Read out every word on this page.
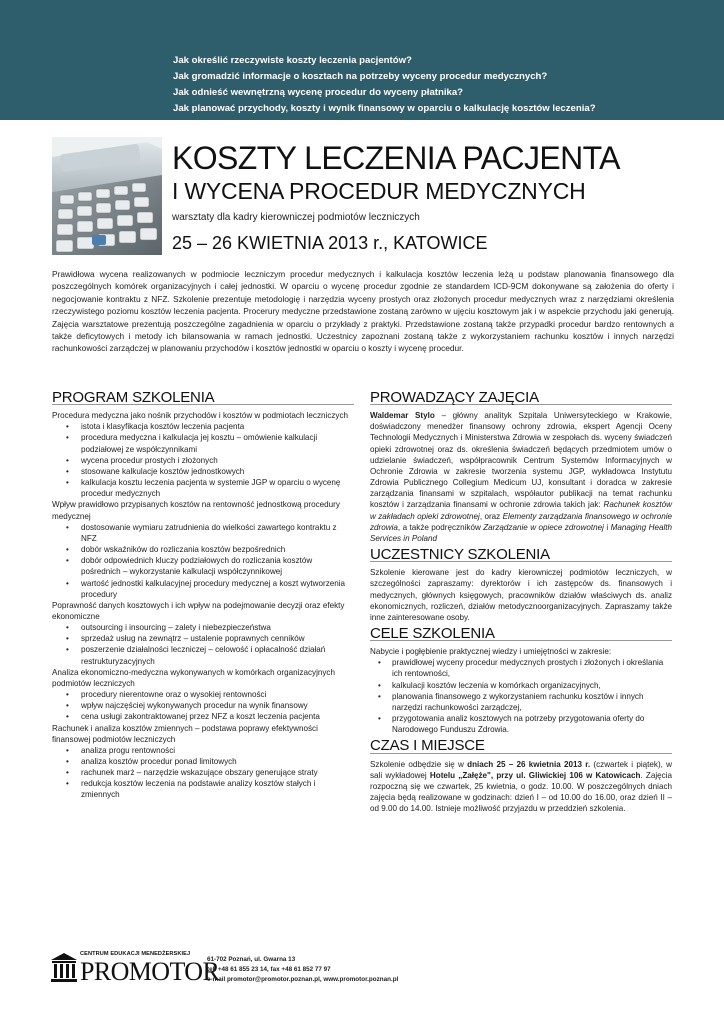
Jak określić rzeczywiste koszty leczenia pacjentów?
Jak gromadzić informacje o kosztach na potrzeby wyceny procedur medycznych?
Jak odnieść wewnętrzną wycenę procedur do wyceny płatnika?
Jak planować przychody, koszty i wynik finansowy w oparciu o kalkulację kosztów leczenia?
KOSZTY LECZENIA PACJENTA
I WYCENA PROCEDUR MEDYCZNYCH
warsztaty dla kadry kierowniczej podmiotów leczniczych
25 – 26 KWIETNIA 2013 r., KATOWICE

Prawidłowa wycena realizowanych w podmiocie leczniczym procedur medycznych i kalkulacja kosztów leczenia leżą u podstaw planowania finansowego dla poszczególnych komórek organizacyjnych i całej jednostki. W oparciu o wycenę procedur zgodnie ze standardem ICD-9CM dokonywane są założenia do oferty i negocjowanie kontraktu z NFZ. Szkolenie prezentuje metodologię i narzędzia wyceny prostych oraz złożonych procedur medycznych wraz z narzędziami określenia rzeczywistego poziomu kosztów leczenia pacjenta. Procerury medyczne przedstawione zostaną zarówno w ujęciu kosztowym jak i w aspekcie przychodu jaki generują. Zajęcia warsztatowe prezentują poszczególne zagadnienia w oparciu o przykłady z praktyki. Przedstawione zostaną także przypadki procedur bardzo rentownych a także deficytowych i metody ich bilansowania w ramach jednostki. Uczestnicy zapoznani zostaną także z wykorzystaniem rachunku kosztów i innych narzędzi rachunkowości zarządczej w planowaniu przychodów i kosztów jednostki w oparciu o koszty i wycenę procedur.

PROGRAM SZKOLENIA

Procedura medyczna jako nośnik przychodów i kosztów w podmiotach leczniczych

• istota i klasyfikacja kosztów leczenia pacjenta
• procedura medyczna i kalkulacja jej kosztu – omówienie kalkulacji podziałowej ze współczynnikami
• wycena procedur prostych i złożonych
• stosowane kalkulacje kosztów jednostkowych
• kalkulacja kosztu leczenia pacjenta w systemie JGP w oparciu o wycenę procedur medycznych

Wpływ prawidłowo przypisanych kosztów na rentowność jednostkową procedury medycznej

• dostosowanie wymiaru zatrudnienia do wielkości zawartego kontraktu z NFZ
• dobór wskaźników do rozliczania kosztów bezpośrednich
• dobór odpowiednich kluczy podziałowych do rozliczania kosztów pośrednich – wykorzystanie kalkulacji współczynnikowej
• wartość jednostki kalkulacyjnej procedury medycznej a koszt wytworzenia procedury

Poprawność danych kosztowych i ich wpływ na podejmowanie decyzji oraz efekty ekonomiczne

• outsourcing i insourcing – zalety i niebezpieczeństwa
• sprzedaż usług na zewnątrz – ustalenie poprawnych cenników
• poszerzenie działalności leczniczej – celowość i opłacalność działań restrukturyzacyjnych

Analiza ekonomiczno-medyczna wykonywanych w komórkach organizacyjnych podmiotów leczniczych

• procedury nierentowne oraz o wysokiej rentowności
• wpływ najczęściej wykonywanych procedur na wynik finansowy
• cena usługi zakontraktowanej przez NFZ a koszt leczenia pacjenta

Rachunek i analiza kosztów zmiennych – podstawa poprawy efektywności finansowej podmiotów leczniczych

• analiza progu rentowności
• analiza kosztów procedur ponad limitowych
• rachunek marż – narzędzie wskazujące obszary generujące straty
• redukcja kosztów leczenia na podstawie analizy kosztów stałych i zmiennych
PROWADZĄCY ZAJĘCIA

Waldemar Stylo – główny analityk Szpitala Uniwersyteckiego w Krakowie, doświadczony menedżer finansowy ochrony zdrowia, ekspert Agencji Oceny Technologii Medycznych i Ministerstwa Zdrowia w zespołach ds. wyceny świadczeń opieki zdrowotnej oraz ds. określenia świadczeń będących przedmiotem umów o udzielanie świadczeń, współpracownik Centrum Systemów Informacyjnych w Ochronie Zdrowia w zakresie tworzenia systemu JGP, wykładowca Instytutu Zdrowia Publicznego Collegium Medicum UJ, konsultant i doradca w zakresie zarządzania finansami w szpitalach, współautor publikacji na temat rachunku kosztów i zarządzania finansami w ochronie zdrowia takich jak: Rachunek kosztów w zakładach opieki zdrowotnej, oraz Elementy zarządzania finansowego w ochronie zdrowia, a także podręczników Zarządzanie w opiece zdrowotnej i Managing Health Services in Poland

UCZESTNICY SZKOLENIA

Szkolenie kierowane jest do kadry kierowniczej podmiotów leczniczych, w szczególności zapraszamy: dyrektorów i ich zastępców ds. finansowych i medycznych, głównych księgowych, pracowników działów właściwych ds. analiz ekonomicznych, rozliczeń, działów metodycznoorganizacyjnych. Zapraszamy także inne zainteresowane osoby.

CELE SZKOLENIA

Nabycie i pogłębienie praktycznej wiedzy i umiejętności w zakresie:

• prawidłowej wyceny procedur medycznych prostych i złożonych i określania ich rentowności,
• kalkulacji kosztów leczenia w komórkach organizacyjnych,
• planowania finansowego z wykorzystaniem rachunku kosztów i innych narzędzi rachunkowości zarządczej,
• przygotowania analiz kosztowych na potrzeby przygotowania oferty do Narodowego Funduszu Zdrowia.
CZAS I MIEJSCE

Szkolenie odbędzie się w dniach 25 – 26 kwietnia 2013 r. (czwartek i piątek), w sali wykładowej Hotelu „Załęże", przy ul. Gliwickiej 106 w Katowicach. Zajęcia rozpoczną się we czwartek, 25 kwietnia, o godz. 10.00. W poszczególnych dniach zajęcia będą realizowane w godzinach: dzień I – od 10.00 do 16.00, oraz dzień II – od 9.00 do 14.00. Istnieje możliwość przyjazdu w przeddzień szkolenia.

CENTRUM EDUKACJI MENEDŻERSKIEJ
PROMOTOR
61-702 Poznań, ul. Gwarna 13
tel. +48 61 855 23 14, fax +48 61 852 77 97
e-mail promotor@promotor.poznan.pl, www.promotor.poznan.pl
